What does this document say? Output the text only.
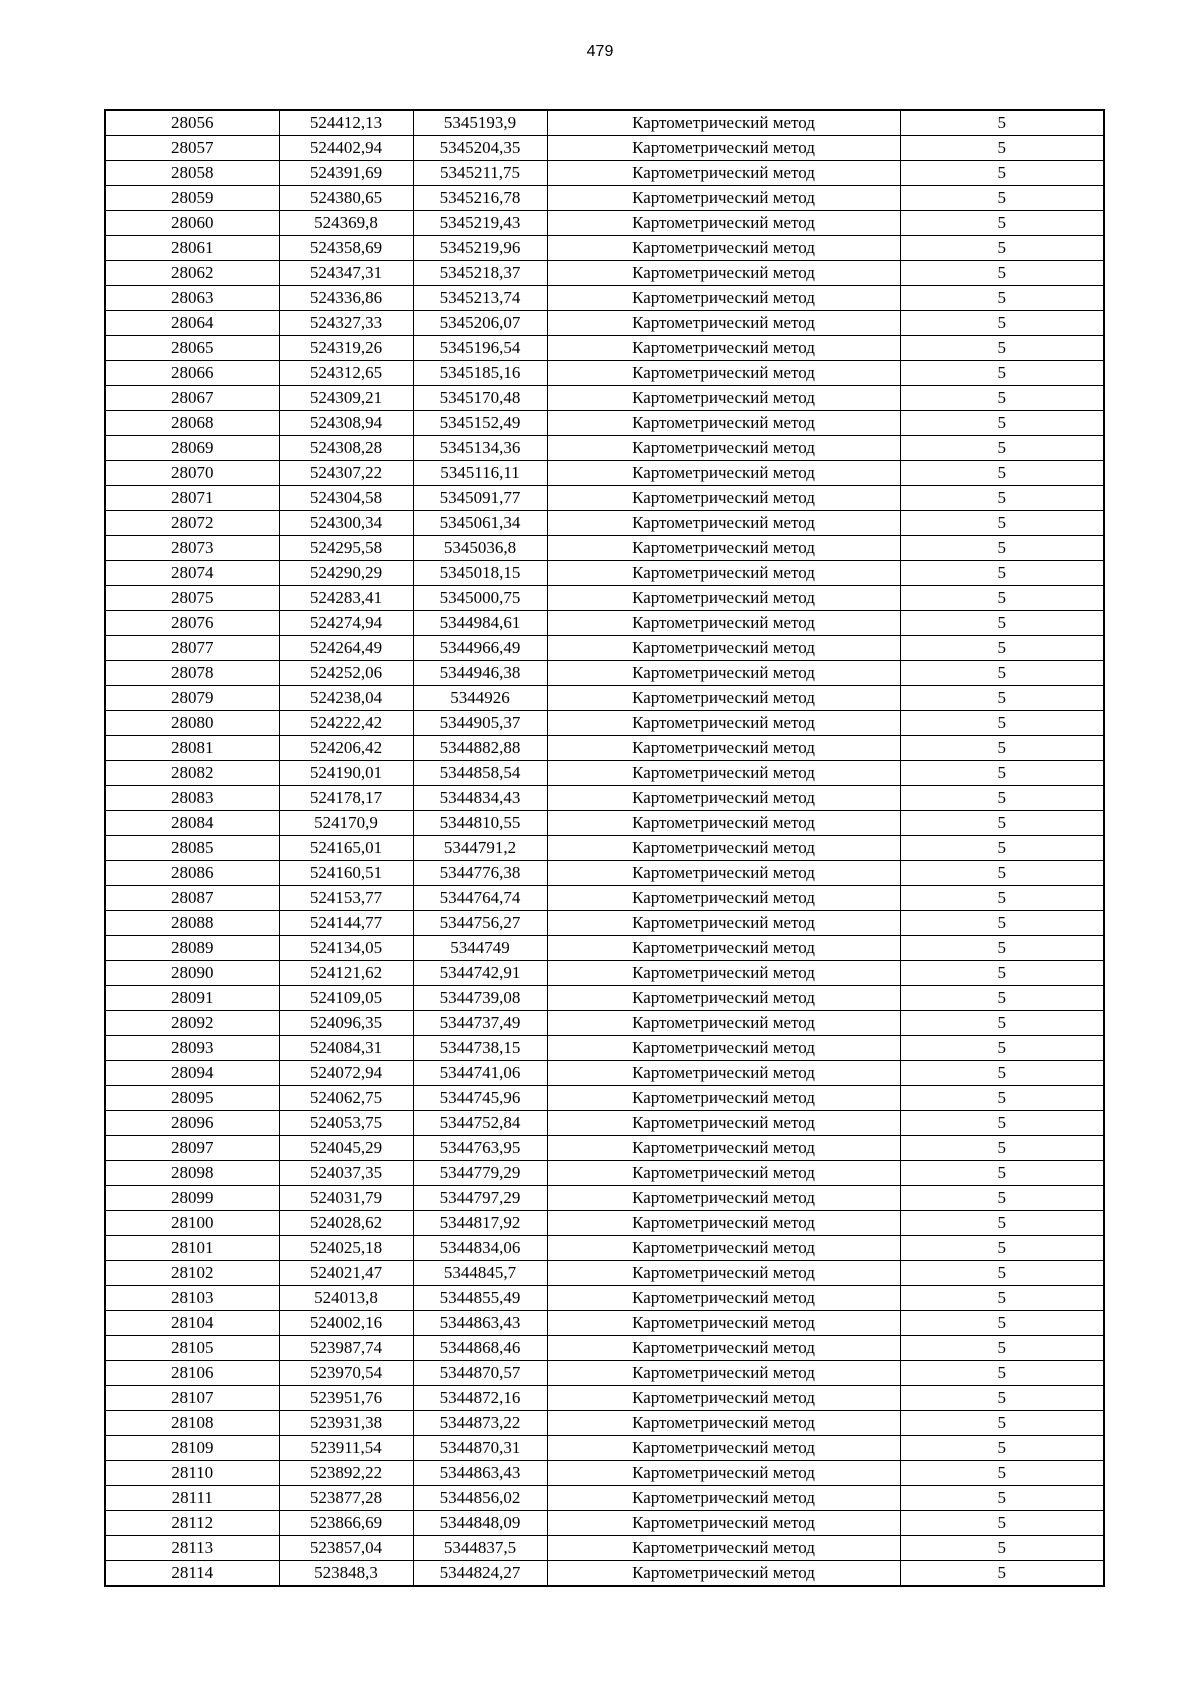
479
28056	524412,13	5345193,9	Картометрический метод	5
28057	524402,94	5345204,35	Картометрический метод	5
28058	524391,69	5345211,75	Картометрический метод	5
28059	524380,65	5345216,78	Картометрический метод	5
28060	524369,8	5345219,43	Картометрический метод	5
28061	524358,69	5345219,96	Картометрический метод	5
28062	524347,31	5345218,37	Картометрический метод	5
28063	524336,86	5345213,74	Картометрический метод	5
28064	524327,33	5345206,07	Картометрический метод	5
28065	524319,26	5345196,54	Картометрический метод	5
28066	524312,65	5345185,16	Картометрический метод	5
28067	524309,21	5345170,48	Картометрический метод	5
28068	524308,94	5345152,49	Картометрический метод	5
28069	524308,28	5345134,36	Картометрический метод	5
28070	524307,22	5345116,11	Картометрический метод	5
28071	524304,58	5345091,77	Картометрический метод	5
28072	524300,34	5345061,34	Картометрический метод	5
28073	524295,58	5345036,8	Картометрический метод	5
28074	524290,29	5345018,15	Картометрический метод	5
28075	524283,41	5345000,75	Картометрический метод	5
28076	524274,94	5344984,61	Картометрический метод	5
28077	524264,49	5344966,49	Картометрический метод	5
28078	524252,06	5344946,38	Картометрический метод	5
28079	524238,04	5344926	Картометрический метод	5
28080	524222,42	5344905,37	Картометрический метод	5
28081	524206,42	5344882,88	Картометрический метод	5
28082	524190,01	5344858,54	Картометрический метод	5
28083	524178,17	5344834,43	Картометрический метод	5
28084	524170,9	5344810,55	Картометрический метод	5
28085	524165,01	5344791,2	Картометрический метод	5
28086	524160,51	5344776,38	Картометрический метод	5
28087	524153,77	5344764,74	Картометрический метод	5
28088	524144,77	5344756,27	Картометрический метод	5
28089	524134,05	5344749	Картометрический метод	5
28090	524121,62	5344742,91	Картометрический метод	5
28091	524109,05	5344739,08	Картометрический метод	5
28092	524096,35	5344737,49	Картометрический метод	5
28093	524084,31	5344738,15	Картометрический метод	5
28094	524072,94	5344741,06	Картометрический метод	5
28095	524062,75	5344745,96	Картометрический метод	5
28096	524053,75	5344752,84	Картометрический метод	5
28097	524045,29	5344763,95	Картометрический метод	5
28098	524037,35	5344779,29	Картометрический метод	5
28099	524031,79	5344797,29	Картометрический метод	5
28100	524028,62	5344817,92	Картометрический метод	5
28101	524025,18	5344834,06	Картометрический метод	5
28102	524021,47	5344845,7	Картометрический метод	5
28103	524013,8	5344855,49	Картометрический метод	5
28104	524002,16	5344863,43	Картометрический метод	5
28105	523987,74	5344868,46	Картометрический метод	5
28106	523970,54	5344870,57	Картометрический метод	5
28107	523951,76	5344872,16	Картометрический метод	5
28108	523931,38	5344873,22	Картометрический метод	5
28109	523911,54	5344870,31	Картометрический метод	5
28110	523892,22	5344863,43	Картометрический метод	5
28111	523877,28	5344856,02	Картометрический метод	5
28112	523866,69	5344848,09	Картометрический метод	5
28113	523857,04	5344837,5	Картометрический метод	5
28114	523848,3	5344824,27	Картометрический метод	5
